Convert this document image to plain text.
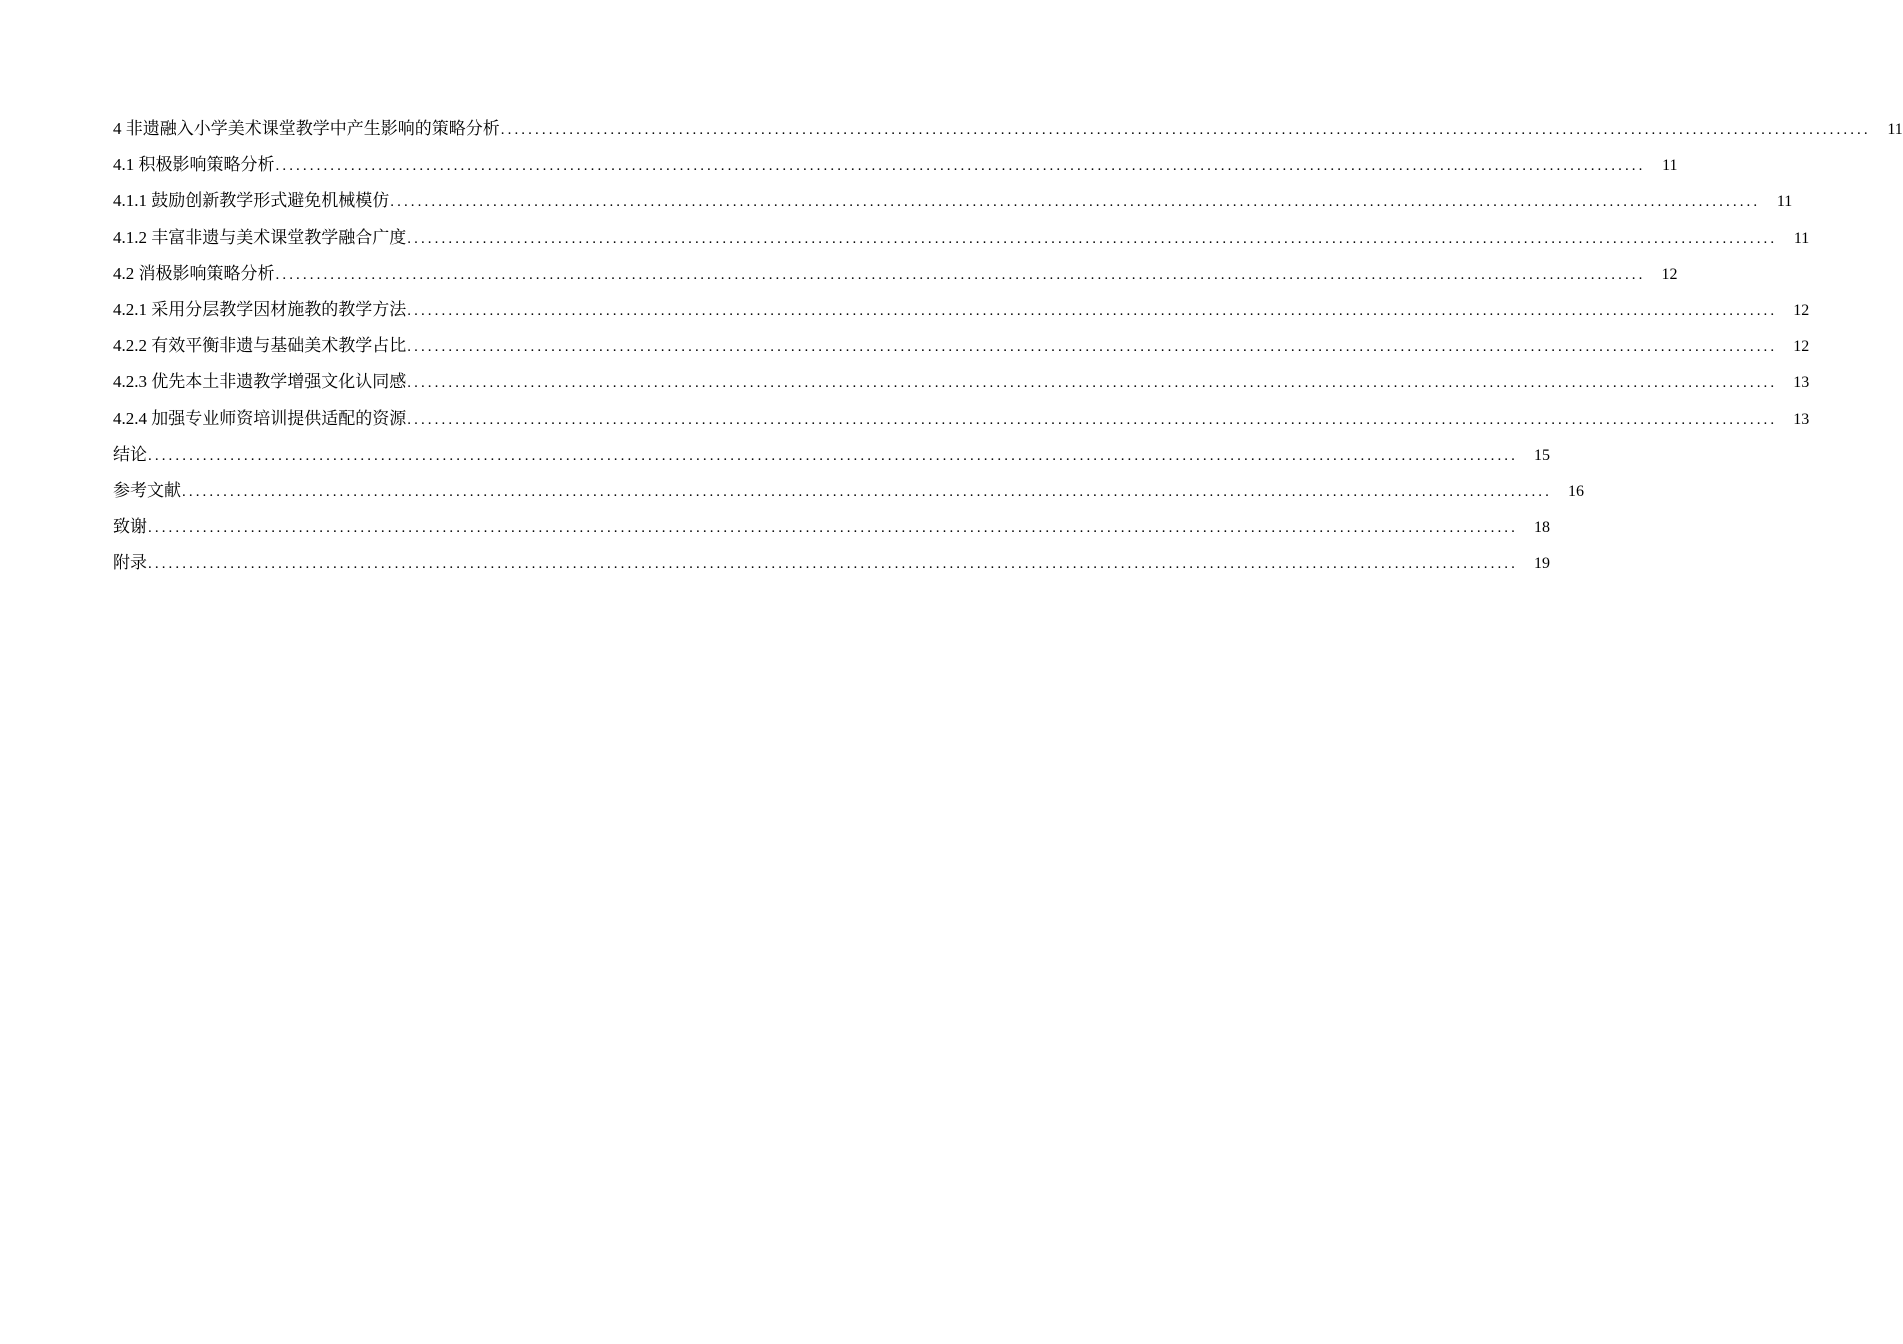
4 非遗融入小学美术课堂教学中产生影响的策略分析 ........................................................................................................................................................................................................ 11
4.1 积极影响策略分析 ........................................................................................................................................................................................................ 11
4.1.1 鼓励创新教学形式避免机械模仿 ........................................................................................................................................................................................................ 11
4.1.2 丰富非遗与美术课堂教学融合广度 ........................................................................................................................................................................................................ 11
4.2 消极影响策略分析 ........................................................................................................................................................................................................ 12
4.2.1 采用分层教学因材施教的教学方法 ........................................................................................................................................................................................................ 12
4.2.2 有效平衡非遗与基础美术教学占比 ........................................................................................................................................................................................................ 12
4.2.3 优先本土非遗教学增强文化认同感 ........................................................................................................................................................................................................ 13
4.2.4 加强专业师资培训提供适配的资源 ........................................................................................................................................................................................................ 13
结论 ........................................................................................................................................................................................................ 15
参考文献 ........................................................................................................................................................................................................ 16
致谢 ........................................................................................................................................................................................................ 18
附录 ........................................................................................................................................................................................................ 19
